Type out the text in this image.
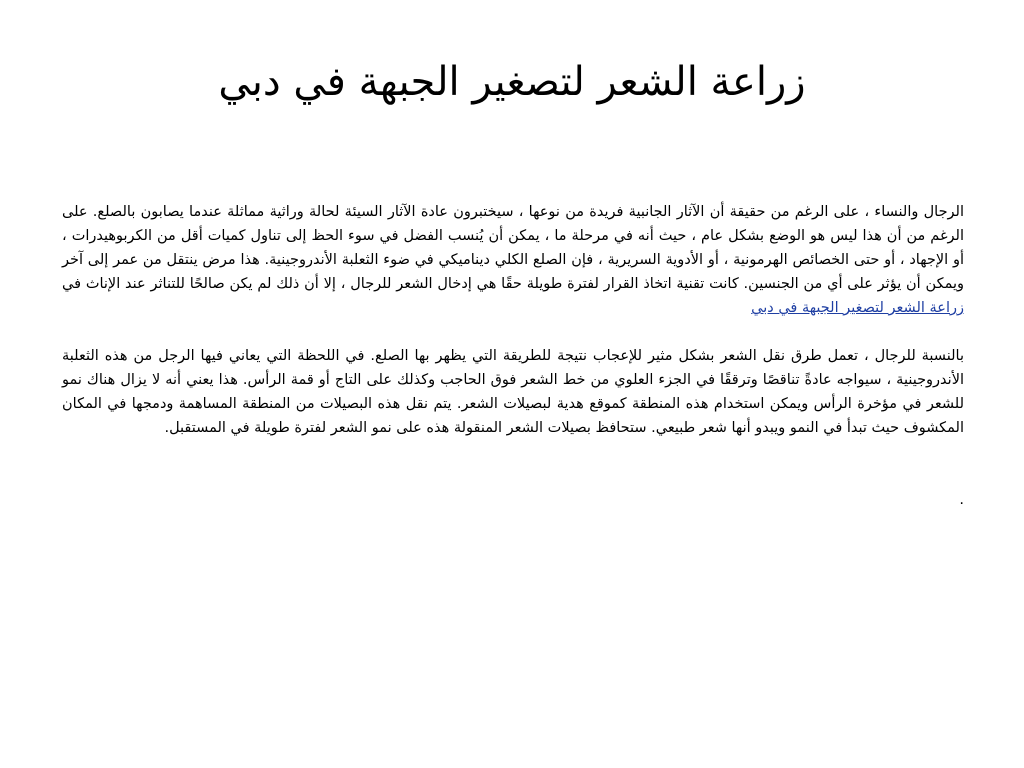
زراعة الشعر لتصغير الجبهة في دبي

الرجال والنساء ، على الرغم من حقيقة أن الآثار الجانبية فريدة من نوعها ، سيختبرون عادة الآثار السيئة لحالة وراثية مماثلة عندما يصابون بالصلع. على الرغم من أن هذا ليس هو الوضع بشكل عام ، حيث أنه في مرحلة ما ، يمكن أن يُنسب الفضل في سوء الحظ إلى تناول كميات أقل من الكربوهيدرات ، أو الإجهاد ، أو حتى الخصائص الهرمونية ، أو الأدوية السريرية ، فإن الصلع الكلي ديناميكي في ضوء الثعلبة الأندروجينية. هذا مرض ينتقل من عمر إلى آخر ويمكن أن يؤثر على أي من الجنسين. كانت تقنية اتخاذ القرار لفترة طويلة حقًا هي إدخال الشعر للرجال ، إلا أن ذلك لم يكن صالحًا للتناثر عند الإناث في زراعة الشعر لتصغير الجبهة في دبي

بالنسبة للرجال ، تعمل طرق نقل الشعر بشكل مثير للإعجاب نتيجة للطريقة التي يظهر بها الصلع. في اللحظة التي يعاني فيها الرجل من هذه الثعلبة الأندروجينية ، سيواجه عادةً تناقصًا وترققًا في الجزء العلوي من خط الشعر فوق الحاجب وكذلك على التاج أو قمة الرأس. هذا يعني أنه لا يزال هناك نمو للشعر في مؤخرة الرأس ويمكن استخدام هذه المنطقة كموقع هدية لبصيلات الشعر. يتم نقل هذه البصيلات من المنطقة المساهمة ودمجها في المكان المكشوف حيث تبدأ في النمو ويبدو أنها شعر طبيعي. ستحافظ بصيلات الشعر المنقولة هذه على نمو الشعر لفترة طويلة في المستقبل.

.
